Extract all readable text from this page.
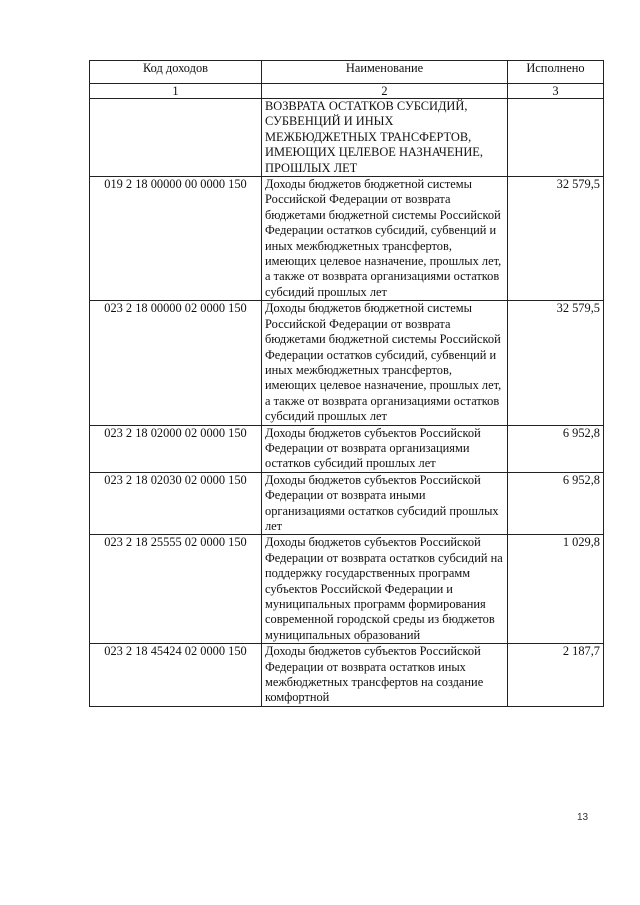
Код доходов	Наименование	Исполнено
1	2	3
	ВОЗВРАТА ОСТАТКОВ СУБСИДИЙ, СУБВЕНЦИЙ И ИНЫХ МЕЖБЮДЖЕТНЫХ ТРАНСФЕРТОВ, ИМЕЮЩИХ ЦЕЛЕВОЕ НАЗНАЧЕНИЕ, ПРОШЛЫХ ЛЕТ	
019 2 18 00000 00 0000 150	Доходы бюджетов бюджетной системы Российской Федерации от возврата бюджетами бюджетной системы Российской Федерации остатков субсидий, субвенций и иных межбюджетных трансфертов, имеющих целевое назначение, прошлых лет, а также от возврата организациями остатков субсидий прошлых лет	32 579,5
023 2 18 00000 02 0000 150	Доходы бюджетов бюджетной системы Российской Федерации от возврата бюджетами бюджетной системы Российской Федерации остатков субсидий, субвенций и иных межбюджетных трансфертов, имеющих целевое назначение, прошлых лет, а также от возврата организациями остатков субсидий прошлых лет	32 579,5
023 2 18 02000 02 0000 150	Доходы бюджетов субъектов Российской Федерации от возврата организациями остатков субсидий прошлых лет	6 952,8
023 2 18 02030 02 0000 150	Доходы бюджетов субъектов Российской Федерации от возврата иными организациями остатков субсидий прошлых лет	6 952,8
023 2 18 25555 02 0000 150	Доходы бюджетов субъектов Российской Федерации от возврата остатков субсидий на поддержку государственных программ субъектов Российской Федерации и муниципальных программ формирования современной городской среды из бюджетов муниципальных образований	1 029,8
023 2 18 45424 02 0000 150	Доходы бюджетов субъектов Российской Федерации от возврата остатков иных межбюджетных трансфертов на создание комфортной	2 187,7
13
